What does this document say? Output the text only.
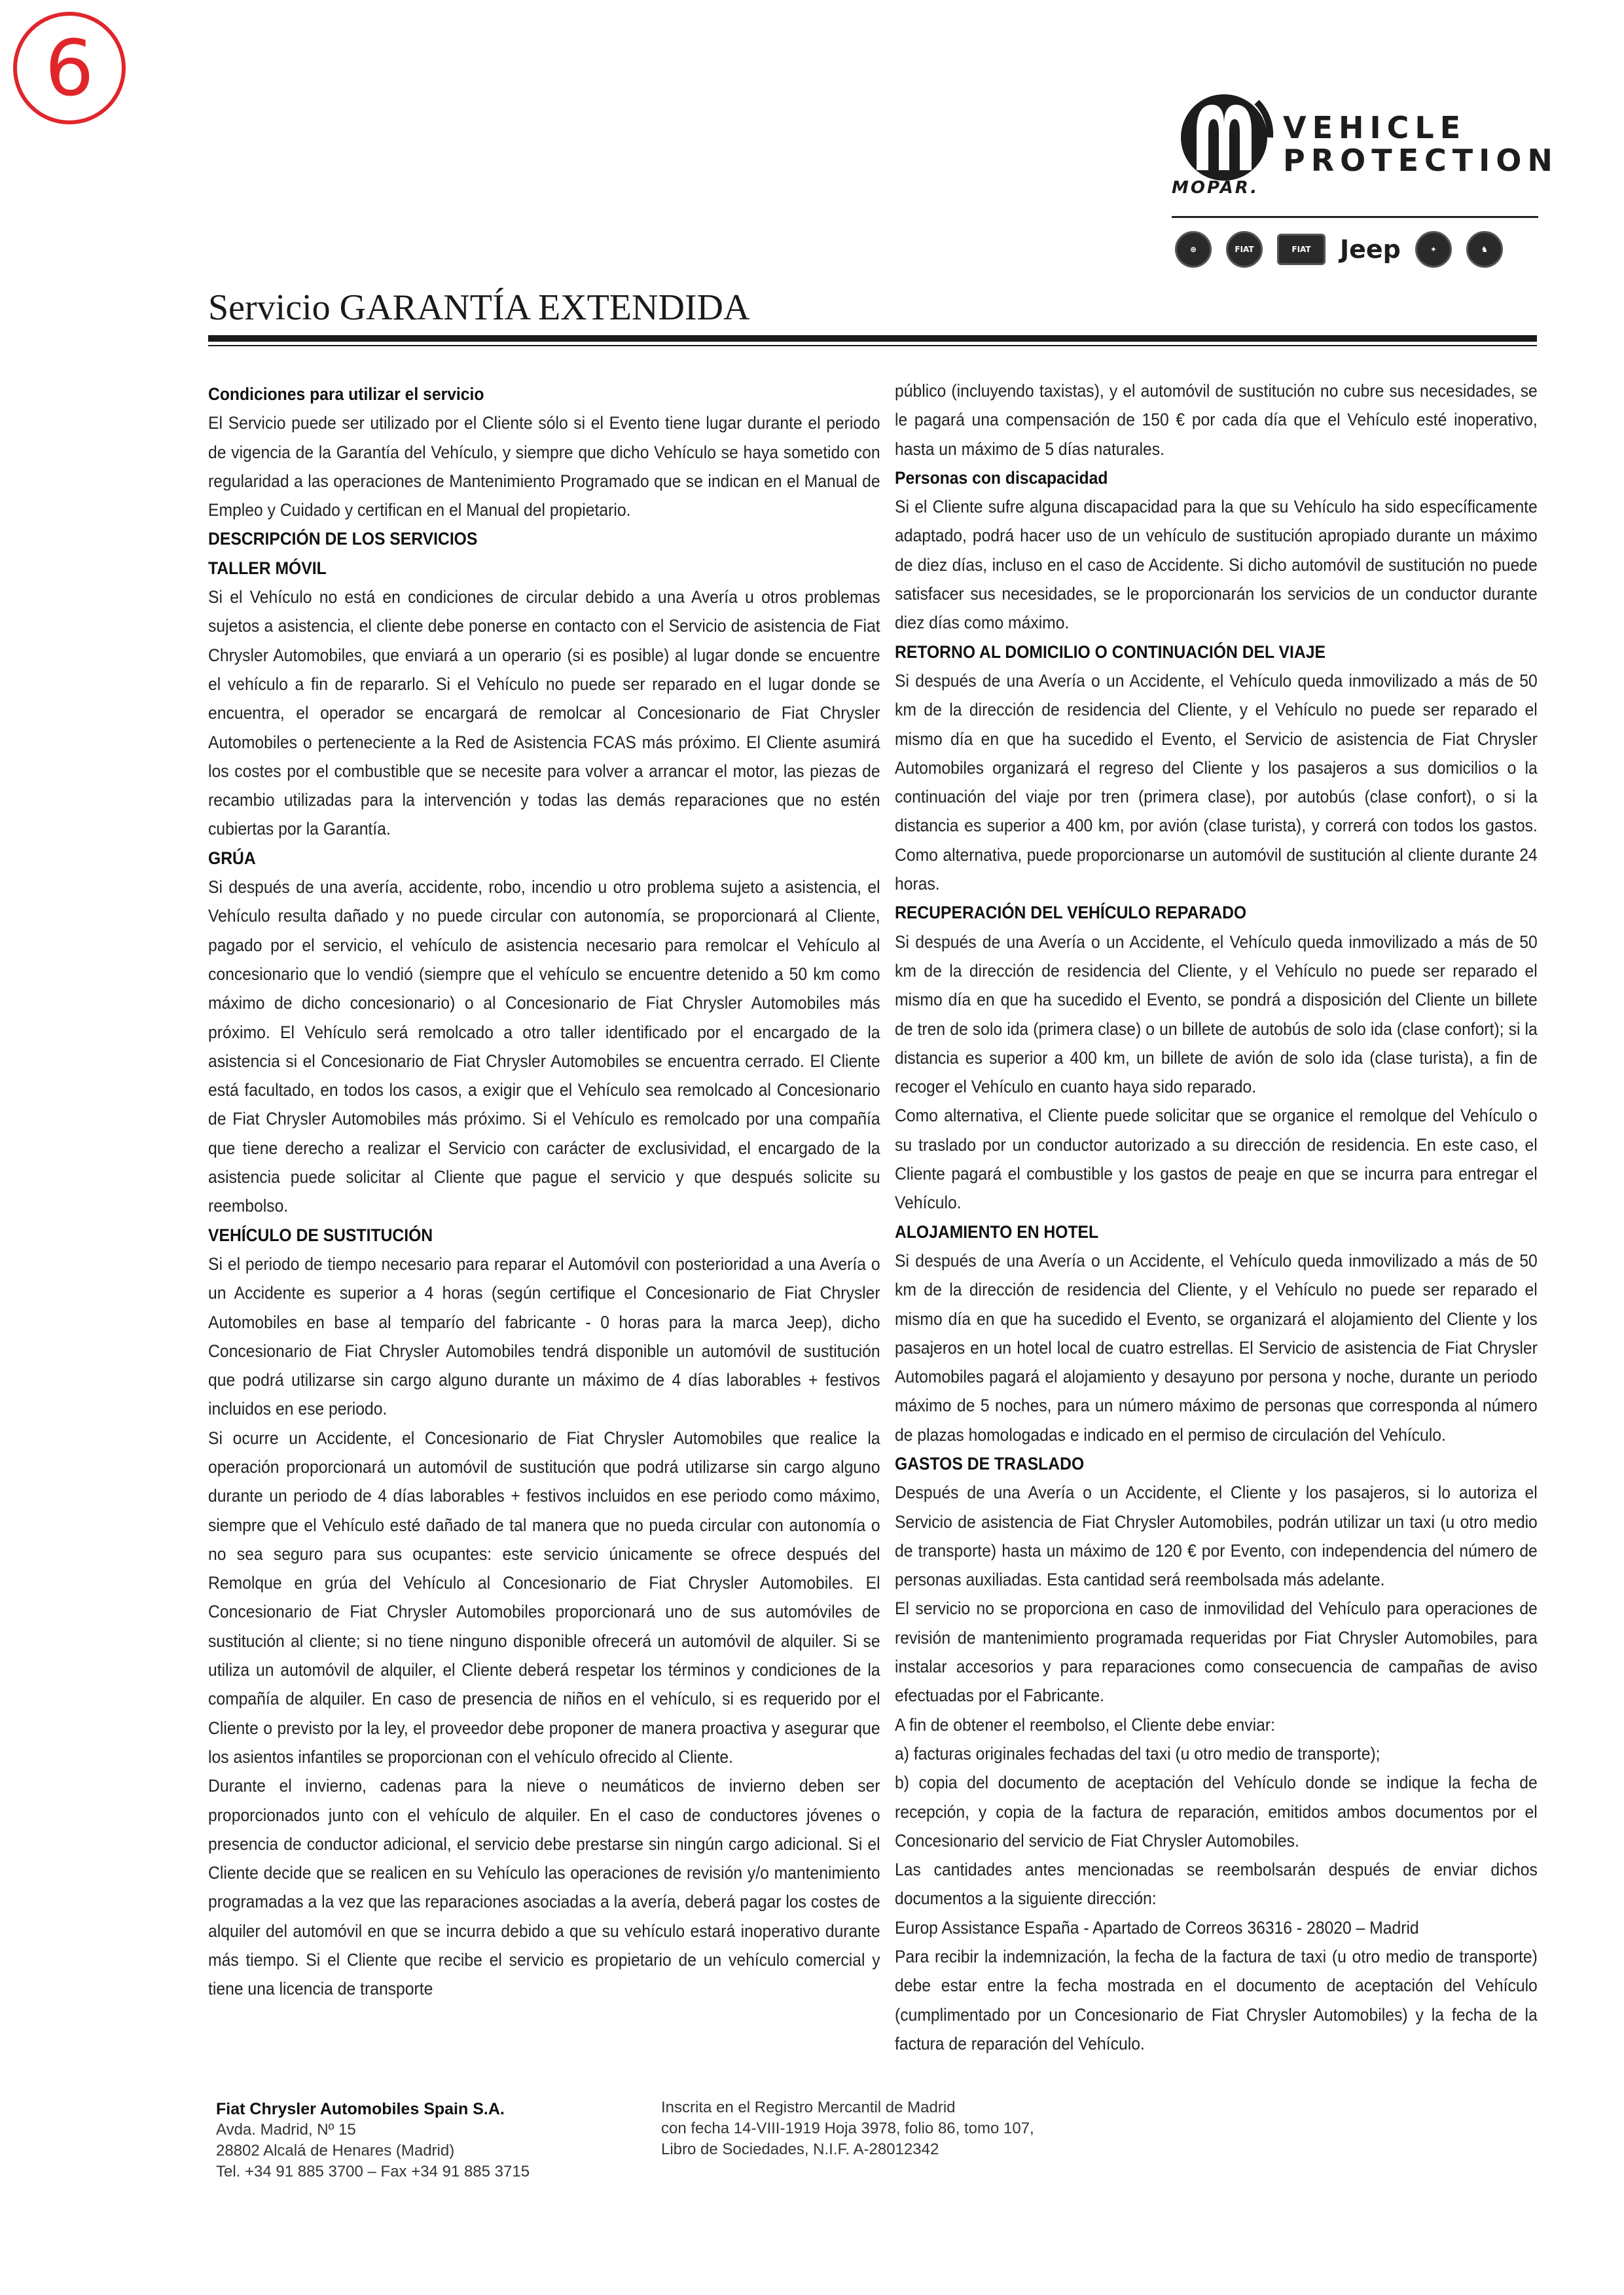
6
VEHICLE
PROTECTION
MOPAR.
⊕	FIAT	FIAT	Jeep	✦	♞
Servicio GARANTÍA EXTENDIDA
Condiciones para utilizar el servicio

El Servicio puede ser utilizado por el Cliente sólo si el Evento tiene lugar durante el periodo de vigencia de la Garantía del Vehículo, y siempre que dicho Vehículo se haya sometido con regularidad a las operaciones de Mantenimiento Programado que se indican en el Manual de Empleo y Cuidado y certifican en el Manual del propietario.

DESCRIPCIÓN DE LOS SERVICIOS
TALLER MÓVIL

Si el Vehículo no está en condiciones de circular debido a una Avería u otros problemas sujetos a asistencia, el cliente debe ponerse en contacto con el Servicio de asistencia de Fiat Chrysler Automobiles, que enviará a un operario (si es posible) al lugar donde se encuentre el vehículo a fin de repararlo. Si el Vehículo no puede ser reparado en el lugar donde se encuentra, el operador se encargará de remolcar al Concesionario de Fiat Chrysler Automobiles o perteneciente a la Red de Asistencia FCAS más próximo. El Cliente asumirá los costes por el combustible que se necesite para volver a arrancar el motor, las piezas de recambio utilizadas para la intervención y todas las demás reparaciones que no estén cubiertas por la Garantía.

GRÚA

Si después de una avería, accidente, robo, incendio u otro problema sujeto a asistencia, el Vehículo resulta dañado y no puede circular con autonomía, se proporcionará al Cliente, pagado por el servicio, el vehículo de asistencia necesario para remolcar el Vehículo al concesionario que lo vendió (siempre que el vehículo se encuentre detenido a 50 km como máximo de dicho concesionario) o al Concesionario de Fiat Chrysler Automobiles más próximo. El Vehículo será remolcado a otro taller identificado por el encargado de la asistencia si el Concesionario de Fiat Chrysler Automobiles se encuentra cerrado. El Cliente está facultado, en todos los casos, a exigir que el Vehículo sea remolcado al Concesionario de Fiat Chrysler Automobiles más próximo. Si el Vehículo es remolcado por una compañía que tiene derecho a realizar el Servicio con carácter de exclusividad, el encargado de la asistencia puede solicitar al Cliente que pague el servicio y que después solicite su reembolso.

VEHÍCULO DE SUSTITUCIÓN

Si el periodo de tiempo necesario para reparar el Automóvil con posterioridad a una Avería o un Accidente es superior a 4 horas (según certifique el Concesionario de Fiat Chrysler Automobiles en base al temparío del fabricante - 0 horas para la marca Jeep), dicho Concesionario de Fiat Chrysler Automobiles tendrá disponible un automóvil de sustitución que podrá utilizarse sin cargo alguno durante un máximo de 4 días laborables + festivos incluidos en ese periodo.

Si ocurre un Accidente, el Concesionario de Fiat Chrysler Automobiles que realice la operación proporcionará un automóvil de sustitución que podrá utilizarse sin cargo alguno durante un periodo de 4 días laborables + festivos incluidos en ese periodo como máximo, siempre que el Vehículo esté dañado de tal manera que no pueda circular con autonomía o no sea seguro para sus ocupantes: este servicio únicamente se ofrece después del Remolque en grúa del Vehículo al Concesionario de Fiat Chrysler Automobiles. El Concesionario de Fiat Chrysler Automobiles proporcionará uno de sus automóviles de sustitución al cliente; si no tiene ninguno disponible ofrecerá un automóvil de alquiler. Si se utiliza un automóvil de alquiler, el Cliente deberá respetar los términos y condiciones de la compañía de alquiler. En caso de presencia de niños en el vehículo, si es requerido por el Cliente o previsto por la ley, el proveedor debe proponer de manera proactiva y asegurar que los asientos infantiles se proporcionan con el vehículo ofrecido al Cliente.

Durante el invierno, cadenas para la nieve o neumáticos de invierno deben ser proporcionados junto con el vehículo de alquiler. En el caso de conductores jóvenes o presencia de conductor adicional, el servicio debe prestarse sin ningún cargo adicional. Si el Cliente decide que se realicen en su Vehículo las operaciones de revisión y/o mantenimiento programadas a la vez que las reparaciones asociadas a la avería, deberá pagar los costes de alquiler del automóvil en que se incurra debido a que su vehículo estará inoperativo durante más tiempo. Si el Cliente que recibe el servicio es propietario de un vehículo comercial y tiene una licencia de transporte

público (incluyendo taxistas), y el automóvil de sustitución no cubre sus necesidades, se le pagará una compensación de 150 € por cada día que el Vehículo esté inoperativo, hasta un máximo de 5 días naturales.

Personas con discapacidad

Si el Cliente sufre alguna discapacidad para la que su Vehículo ha sido específicamente adaptado, podrá hacer uso de un vehículo de sustitución apropiado durante un máximo de diez días, incluso en el caso de Accidente. Si dicho automóvil de sustitución no puede satisfacer sus necesidades, se le proporcionarán los servicios de un conductor durante diez días como máximo.

RETORNO AL DOMICILIO O CONTINUACIÓN DEL VIAJE

Si después de una Avería o un Accidente, el Vehículo queda inmovilizado a más de 50 km de la dirección de residencia del Cliente, y el Vehículo no puede ser reparado el mismo día en que ha sucedido el Evento, el Servicio de asistencia de Fiat Chrysler Automobiles organizará el regreso del Cliente y los pasajeros a sus domicilios o la continuación del viaje por tren (primera clase), por autobús (clase confort), o si la distancia es superior a 400 km, por avión (clase turista), y correrá con todos los gastos. Como alternativa, puede proporcionarse un automóvil de sustitución al cliente durante 24 horas.

RECUPERACIÓN DEL VEHÍCULO REPARADO

Si después de una Avería o un Accidente, el Vehículo queda inmovilizado a más de 50 km de la dirección de residencia del Cliente, y el Vehículo no puede ser reparado el mismo día en que ha sucedido el Evento, se pondrá a disposición del Cliente un billete de tren de solo ida (primera clase) o un billete de autobús de solo ida (clase confort); si la distancia es superior a 400 km, un billete de avión de solo ida (clase turista), a fin de recoger el Vehículo en cuanto haya sido reparado.

Como alternativa, el Cliente puede solicitar que se organice el remolque del Vehículo o su traslado por un conductor autorizado a su dirección de residencia. En este caso, el Cliente pagará el combustible y los gastos de peaje en que se incurra para entregar el Vehículo.

ALOJAMIENTO EN HOTEL

Si después de una Avería o un Accidente, el Vehículo queda inmovilizado a más de 50 km de la dirección de residencia del Cliente, y el Vehículo no puede ser reparado el mismo día en que ha sucedido el Evento, se organizará el alojamiento del Cliente y los pasajeros en un hotel local de cuatro estrellas. El Servicio de asistencia de Fiat Chrysler Automobiles pagará el alojamiento y desayuno por persona y noche, durante un periodo máximo de 5 noches, para un número máximo de personas que corresponda al número de plazas homologadas e indicado en el permiso de circulación del Vehículo.

GASTOS DE TRASLADO

Después de una Avería o un Accidente, el Cliente y los pasajeros, si lo autoriza el Servicio de asistencia de Fiat Chrysler Automobiles, podrán utilizar un taxi (u otro medio de transporte) hasta un máximo de 120 € por Evento, con independencia del número de personas auxiliadas. Esta cantidad será reembolsada más adelante.

El servicio no se proporciona en caso de inmovilidad del Vehículo para operaciones de revisión de mantenimiento programada requeridas por Fiat Chrysler Automobiles, para instalar accesorios y para reparaciones como consecuencia de campañas de aviso efectuadas por el Fabricante.

A fin de obtener el reembolso, el Cliente debe enviar:

a) facturas originales fechadas del taxi (u otro medio de transporte);

b) copia del documento de aceptación del Vehículo donde se indique la fecha de recepción, y copia de la factura de reparación, emitidos ambos documentos por el Concesionario del servicio de Fiat Chrysler Automobiles.

Las cantidades antes mencionadas se reembolsarán después de enviar dichos documentos a la siguiente dirección:

Europ Assistance España - Apartado de Correos 36316 - 28020 – Madrid

Para recibir la indemnización, la fecha de la factura de taxi (u otro medio de transporte) debe estar entre la fecha mostrada en el documento de aceptación del Vehículo (cumplimentado por un Concesionario de Fiat Chrysler Automobiles) y la fecha de la factura de reparación del Vehículo.

Fiat Chrysler Automobiles Spain S.A.
Avda. Madrid, Nº 15
28802 Alcalá de Henares (Madrid)
Tel. +34 91 885 3700 – Fax +34 91 885 3715
Inscrita en el Registro Mercantil de Madrid
con fecha 14-VIII-1919 Hoja 3978, folio 86, tomo 107,
Libro de Sociedades, N.I.F. A-28012342
